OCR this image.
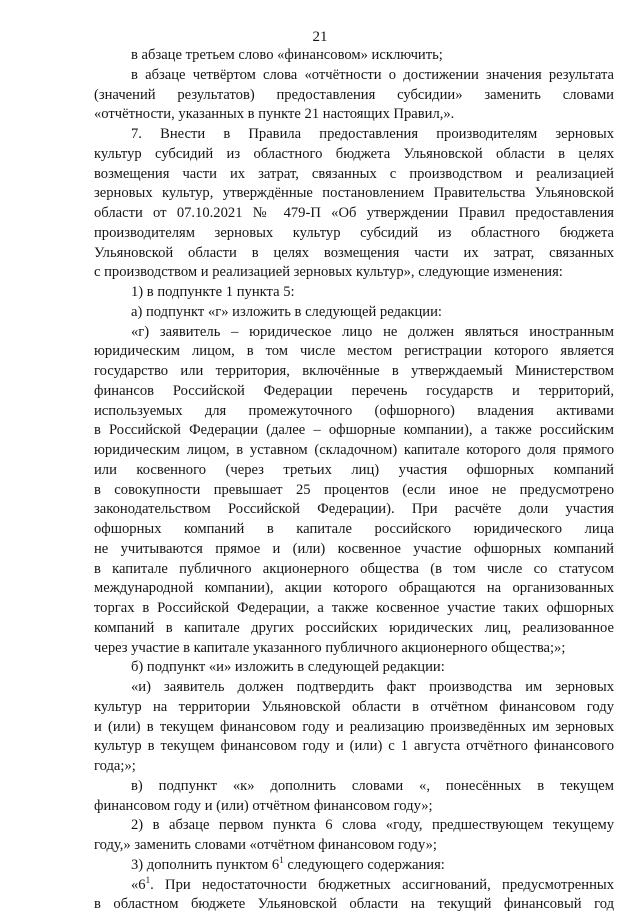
21
в абзаце третьем слово «финансовом» исключить;
в абзаце четвёртом слова «отчётности о достижении значения результата
(значений результатов) предоставления субсидии» заменить словами
«отчётности, указанных в пункте 21 настоящих Правил,».
7. Внести в Правила предоставления производителям зерновых
культур субсидий из областного бюджета Ульяновской области в целях
возмещения части их затрат, связанных с производством и реализацией
зерновых культур, утверждённые постановлением Правительства Ульяновской
области от 07.10.2021 № 479-П «Об утверждении Правил предоставления
производителям зерновых культур субсидий из областного бюджета
Ульяновской области в целях возмещения части их затрат, связанных
с производством и реализацией зерновых культур», следующие изменения:
1) в подпункте 1 пункта 5:
а) подпункт «г» изложить в следующей редакции:
«г) заявитель – юридическое лицо не должен являться иностранным
юридическим лицом, в том числе местом регистрации которого является
государство или территория, включённые в утверждаемый Министерством
финансов Российской Федерации перечень государств и территорий,
используемых для промежуточного (офшорного) владения активами
в Российской Федерации (далее – офшорные компании), а также российским
юридическим лицом, в уставном (складочном) капитале которого доля прямого
или косвенного (через третьих лиц) участия офшорных компаний
в совокупности превышает 25 процентов (если иное не предусмотрено
законодательством Российской Федерации). При расчёте доли участия
офшорных компаний в капитале российского юридического лица
не учитываются прямое и (или) косвенное участие офшорных компаний
в капитале публичного акционерного общества (в том числе со статусом
международной компании), акции которого обращаются на организованных
торгах в Российской Федерации, а также косвенное участие таких офшорных
компаний в капитале других российских юридических лиц, реализованное
через участие в капитале указанного публичного акционерного общества;»;
б) подпункт «и» изложить в следующей редакции:
«и) заявитель должен подтвердить факт производства им зерновых
культур на территории Ульяновской области в отчётном финансовом году
и (или) в текущем финансовом году и реализацию произведённых им зерновых
культур в текущем финансовом году и (или) с 1 августа отчётного финансового
года;»;
в) подпункт «к» дополнить словами «, понесённых в текущем
финансовом году и (или) отчётном финансовом году»;
2) в абзаце первом пункта 6 слова «году, предшествующем текущему
году,» заменить словами «отчётном финансовом году»;
3) дополнить пунктом $6^1$ следующего содержания:
«$6^1$. При недостаточности бюджетных ассигнований, предусмотренных
в областном бюджете Ульяновской области на текущий финансовый год
